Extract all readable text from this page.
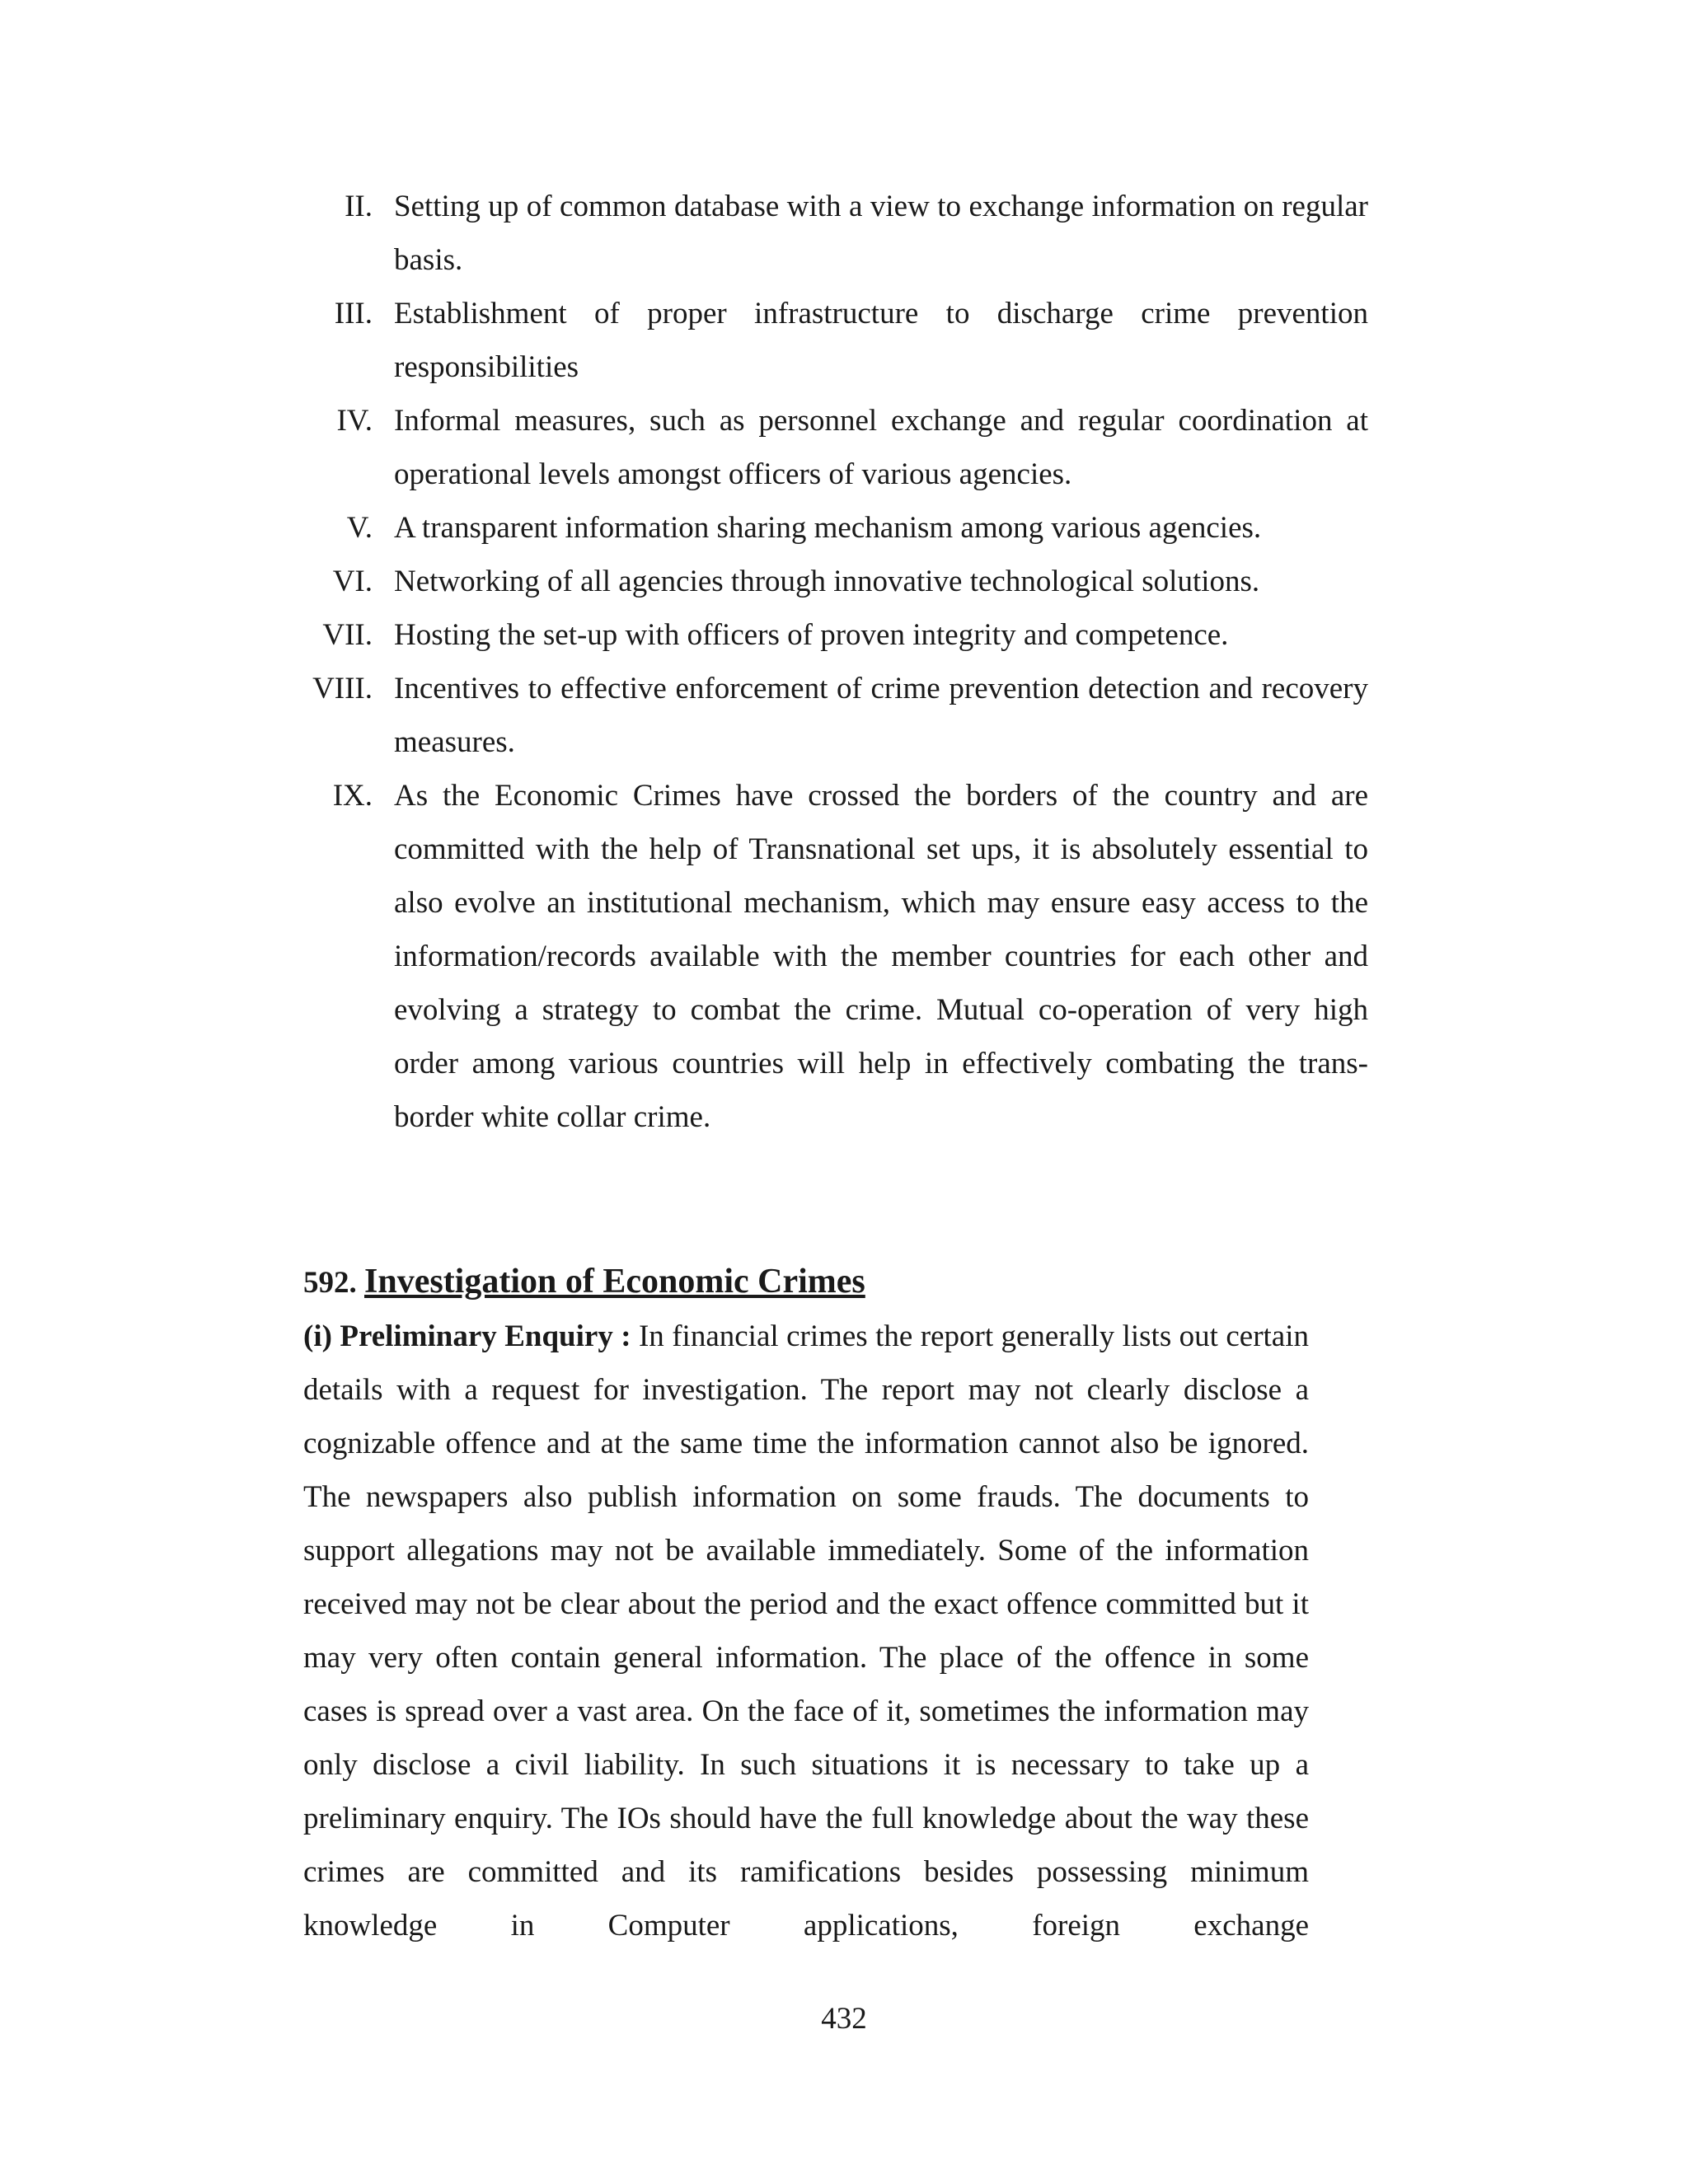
II. Setting up of common database with a view to exchange information on regular basis.
III. Establishment of proper infrastructure to discharge crime prevention responsibilities
IV. Informal measures, such as personnel exchange and regular coordination at operational levels amongst officers of various agencies.
V. A transparent information sharing mechanism among various agencies.
VI. Networking of all agencies through innovative technological solutions.
VII. Hosting the set-up with officers of proven integrity and competence.
VIII. Incentives to effective enforcement of crime prevention detection and recovery measures.
IX. As the Economic Crimes have crossed the borders of the country and are committed with the help of Transnational set ups, it is absolutely essential to also evolve an institutional mechanism, which may ensure easy access to the information/records available with the member countries for each other and evolving a strategy to combat the crime. Mutual co-operation of very high order among various countries will help in effectively combating the trans-border white collar crime.
592. Investigation of Economic Crimes

(i) Preliminary Enquiry : In financial crimes the report generally lists out certain details with a request for investigation. The report may not clearly disclose a cognizable offence and at the same time the information cannot also be ignored. The newspapers also publish information on some frauds. The documents to support allegations may not be available immediately. Some of the information received may not be clear about the period and the exact offence committed but it may very often contain general information. The place of the offence in some cases is spread over a vast area. On the face of it, sometimes the information may only disclose a civil liability. In such situations it is necessary to take up a preliminary enquiry. The IOs should have the full knowledge about the way these crimes are committed and its ramifications besides possessing minimum knowledge in Computer applications, foreign exchange

432
